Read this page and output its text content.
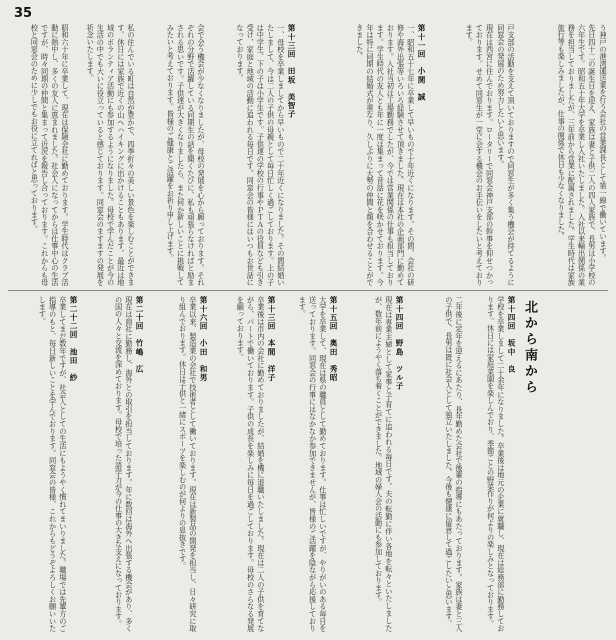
35
う神戸の港湾運送業を行う会社の営業課長として第一線で働いています。
先日四十二の誕生日を迎え、家族は妻と子供二人の四人家族で、長男は小学校の六年生です。昭和五十年大学を卒業し入社いたしました。入社以来輸出関係の業務を担当しておりましたが、三年前から営業に配属されました。学生時代は家族旅行等も楽しみましたが、仕事の関係で休日も少なくなりました。
戸支部の活動を支えて頂いておりますので同窓生が多く集う機会が持てるように同窓会の発展のため努力したいと思います。
現在は西宮に住んでおります。ロータリーで同窓会神戸支部の幹事を仰せつかっております。せめて同窓生が一堂に会する機会のお手伝いをしたいと考えております。
第十一回　小関　誠
一、昭和五十七年に卒業して早いもので十年近くになります。その間、会社の研修や海外出張等いろいろ経験させて頂きました。現在は本社の企画部門に勤めております。入社当初は工場勤務でしたが、今では営業関係の仕事も担当しております。学生時代の友人とも年に一度は集まって昔話に花を咲かせております。今年は特に同期の結婚式が重なり、久しぶりに大勢の仲間と顔を合わせることができました。
第十三回　田坂　美智子
一、母校を卒業しましてから早いもので二十年近くになりました。その間結婚いたしまして、今は二人の子供の母親として毎日忙しく過ごしております。上の子は中学生、下の子は小学生です。子供達の学校の行事やＰＴＡの役員なども引き受け、家庭と地域の活動に追われる毎日です。同窓会の皆様にはいつもお世話になっております。
会で会う機会が少なくなりましたが、母校の発展を心から願っております。それぞれの分野で活躍している同期生の話を聞くたびに、私も頑張らなければと励まされる思いです。子供達が大きくなりましたら、また何か新しいことに挑戦してみたいと考えております。皆様のご健康とご活躍をお祈り申し上げます。
私の住んでいる町は自然が豊かで、四季折々の美しい景色を楽しむことができます。休日には家族で近くの山へハイキングに出かけることもあります。最近は地域のボランティア活動にも参加するようになりました。母校で学んだことが今の生活の中でも大いに役立っていると感じております。同窓会のますますの発展を祈念いたします。
北から南から
第十四回　坂中　良
学校を卒業しまして二十余年になりました。卒業後は地元の企業に就職し、現在は総務部に勤務しております。休日には家庭菜園を楽しんでおり、季節ごとの野菜作りが何よりの楽しみとなっております。
二年後に定年を迎えるにあたり、長年勤めた会社で後輩の指導にもあたっております。家族は妻と三人の子供で、長男は既に社会人として独立いたしました。今後も健康に留意して過ごしたいと思います。
第十四回　野島　ツル子
現在は専業主婦として家事と子育てに追われる毎日です。夫の転勤に伴い各地を転々といたしましたが、数年前にようやく落ち着くことができました。地域の婦人会の活動にも参加しております。
第十五回　奥田　秀昭
大学を卒業して、現在は県の職員として勤めております。仕事は忙しいですが、やりがいのある毎日を送っております。同窓会の行事にはなかなか参加できませんが、皆様のご活躍を陰ながら応援しております。
第十三回　本間　洋子
卒業後は市内の会社に勤めておりましたが、結婚を機に退職いたしました。現在は二人の子供を育てながら、パートで働いております。子供の成長を楽しみに毎日を過ごしております。母校のさらなる発展を願っております。
第十六回　小田　和男
卒業以来、製造業の会社で技術者として働いております。現在は新製品の開発を担当し、日々研究に取り組んでおります。休日は子供と一緒にスポーツを楽しむのが何よりの息抜きです。
第二十回　竹嶋　広
現在は商社に勤務し、海外との取引を担当しております。年に数回は海外へ出張する機会があり、多くの国の人々と交流を深めております。母校で培った語学力が今の仕事の大きな支えになっております。
第二十二回　池田　紗
卒業してまだ数年ですが、社会人としての生活にもようやく慣れてまいりました。職場では先輩方のご指導のもと、毎日新しいことを学んでおります。同窓会の皆様、これからもどうぞよろしくお願いいたします。
昭和六十年に卒業して、現在は保険会社に勤めております。学生時代はクラブ活動に熱中し、多くの友人に恵まれました。社会人になってからは仕事中心の生活ですが、時々同期の仲間と集まって近況を報告し合っております。これからも母校と同窓会のために少しでもお役に立てればと思っております。
